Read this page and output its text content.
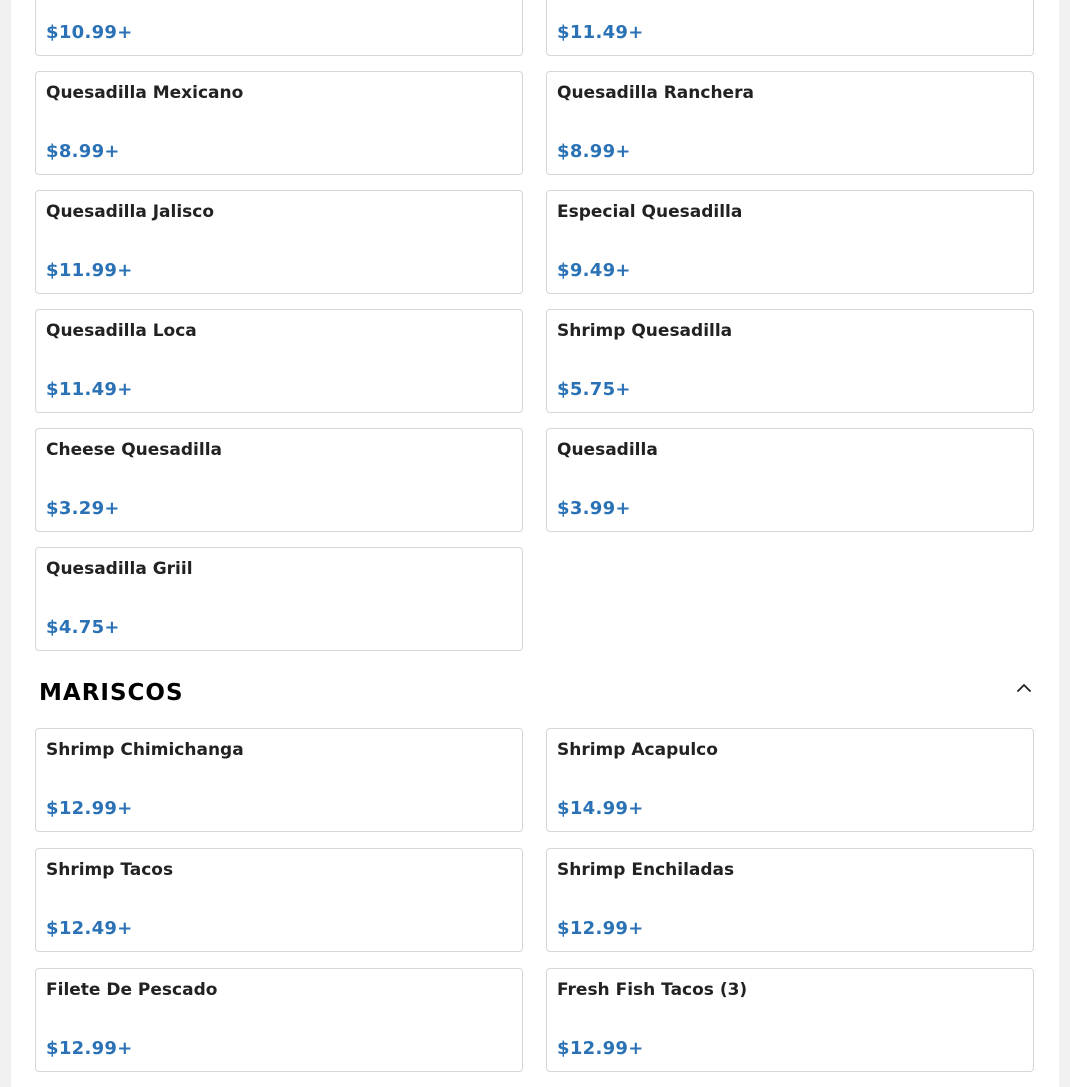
$10.99+	$11.49+
Quesadilla Mexicano
$8.99+
Quesadilla Ranchera
$8.99+
Quesadilla Jalisco
$11.99+
Especial Quesadilla
$9.49+
Quesadilla Loca
$11.49+
Shrimp Quesadilla
$5.75+
Cheese Quesadilla
$3.29+
Quesadilla
$3.99+
Quesadilla Griil
$4.75+
MARISCOS
Shrimp Chimichanga
$12.99+
Shrimp Acapulco
$14.99+
Shrimp Tacos
$12.49+
Shrimp Enchiladas
$12.99+
Filete De Pescado
$12.99+
Fresh Fish Tacos (3)
$12.99+
